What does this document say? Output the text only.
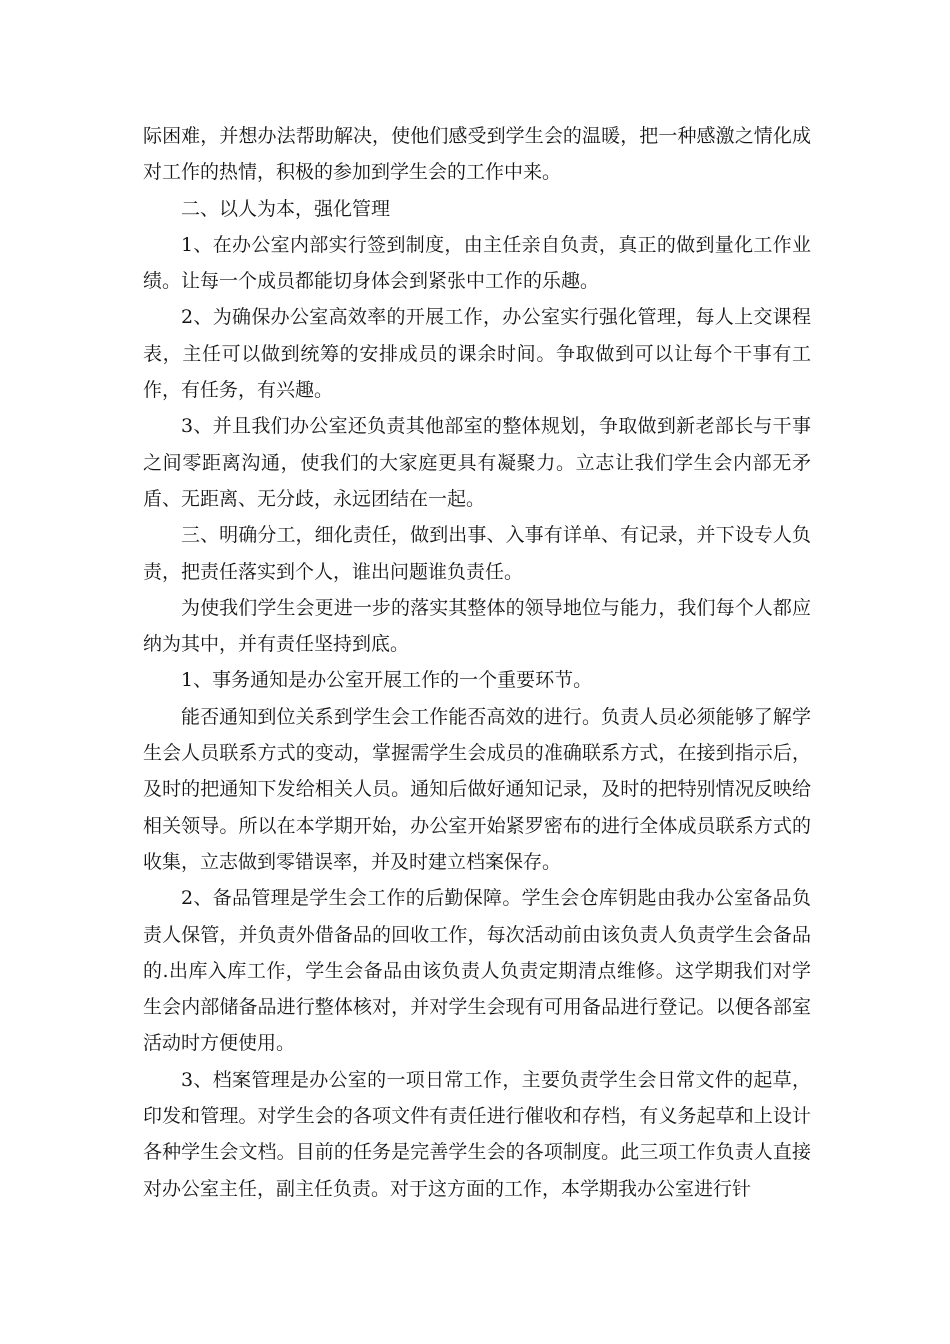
际困难，并想办法帮助解决，使他们感受到学生会的温暖，把一种感激之情化成对工作的热情，积极的参加到学生会的工作中来。

二、以人为本，强化管理

1、在办公室内部实行签到制度，由主任亲自负责，真正的做到量化工作业绩。让每一个成员都能切身体会到紧张中工作的乐趣。

2、为确保办公室高效率的开展工作，办公室实行强化管理，每人上交课程表，主任可以做到统筹的安排成员的课余时间。争取做到可以让每个干事有工作，有任务，有兴趣。

3、并且我们办公室还负责其他部室的整体规划，争取做到新老部长与干事之间零距离沟通，使我们的大家庭更具有凝聚力。立志让我们学生会内部无矛盾、无距离、无分歧，永远团结在一起。

三、明确分工，细化责任，做到出事、入事有详单、有记录，并下设专人负责，把责任落实到个人，谁出问题谁负责任。

为使我们学生会更进一步的落实其整体的领导地位与能力，我们每个人都应纳为其中，并有责任坚持到底。

1、事务通知是办公室开展工作的一个重要环节。

能否通知到位关系到学生会工作能否高效的进行。负责人员必须能够了解学生会人员联系方式的变动，掌握需学生会成员的准确联系方式，在接到指示后，及时的把通知下发给相关人员。通知后做好通知记录，及时的把特别情况反映给相关领导。所以在本学期开始，办公室开始紧罗密布的进行全体成员联系方式的收集，立志做到零错误率，并及时建立档案保存。

2、备品管理是学生会工作的后勤保障。学生会仓库钥匙由我办公室备品负责人保管，并负责外借备品的回收工作，每次活动前由该负责人负责学生会备品的.出库入库工作，学生会备品由该负责人负责定期清点维修。这学期我们对学生会内部储备品进行整体核对，并对学生会现有可用备品进行登记。以便各部室活动时方便使用。

3、档案管理是办公室的一项日常工作，主要负责学生会日常文件的起草，印发和管理。对学生会的各项文件有责任进行催收和存档，有义务起草和上设计各种学生会文档。目前的任务是完善学生会的各项制度。此三项工作负责人直接对办公室主任，副主任负责。对于这方面的工作，本学期我办公室进行针
